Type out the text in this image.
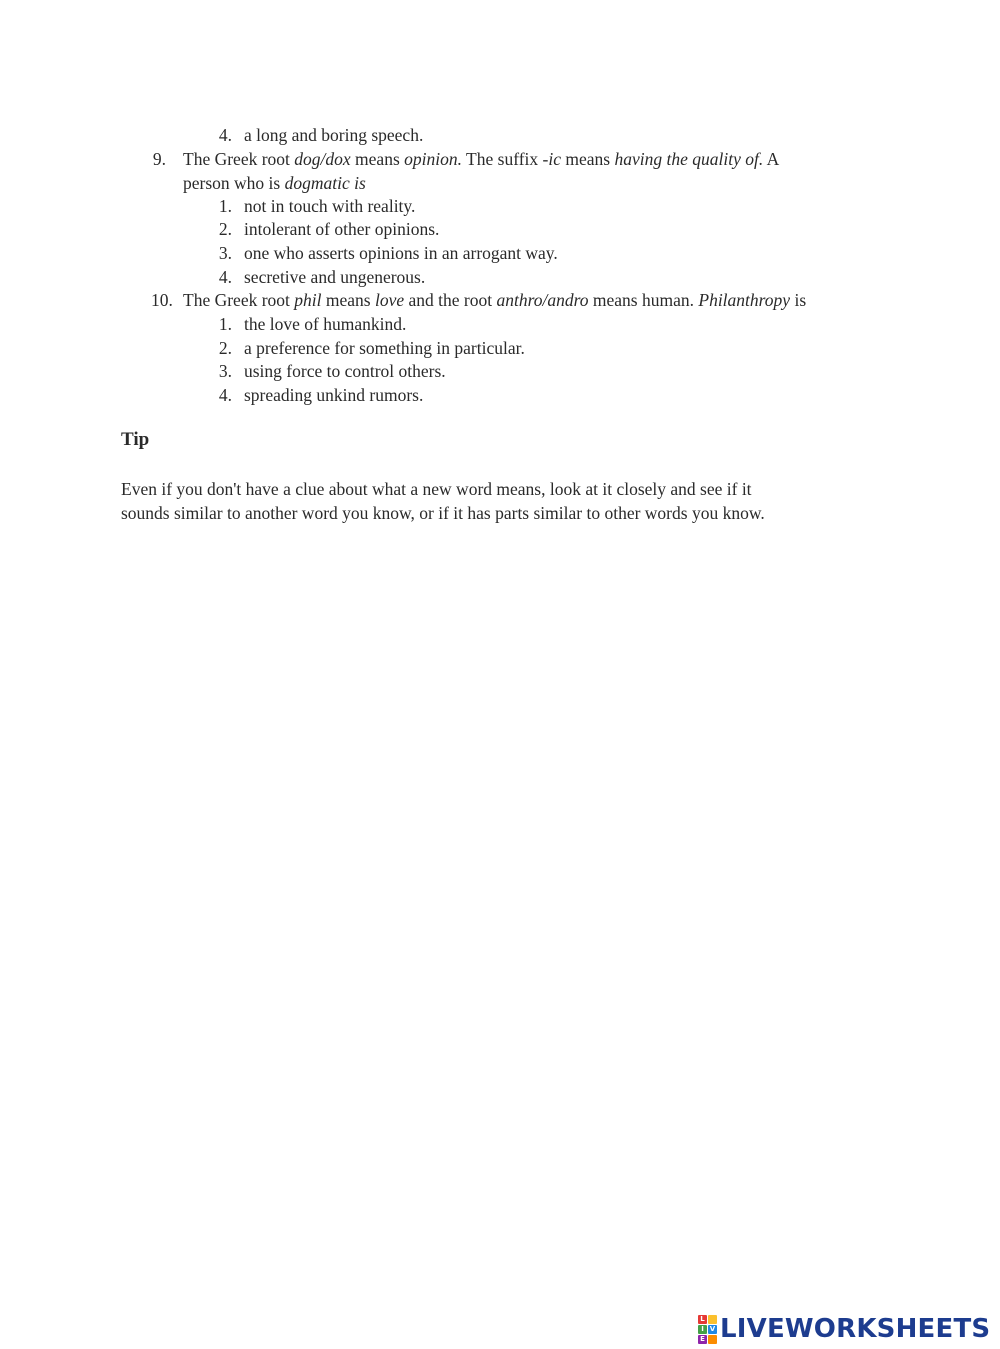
4. a long and boring speech.
9. The Greek root dog/dox means opinion. The suffix -ic means having the quality of. A
person who is dogmatic is
1. not in touch with reality.
2. intolerant of other opinions.
3. one who asserts opinions in an arrogant way.
4. secretive and ungenerous.
10. The Greek root phil means love and the root anthro/andro means human. Philanthropy is
1. the love of humankind.
2. a preference for something in particular.
3. using force to control others.
4. spreading unkind rumors.
Tip
Even if you don't have a clue about what a new word means, look at it closely and see if it
sounds similar to another word you know, or if it has parts similar to other words you know.
L
I V
E LIVEWORKSHEETS
